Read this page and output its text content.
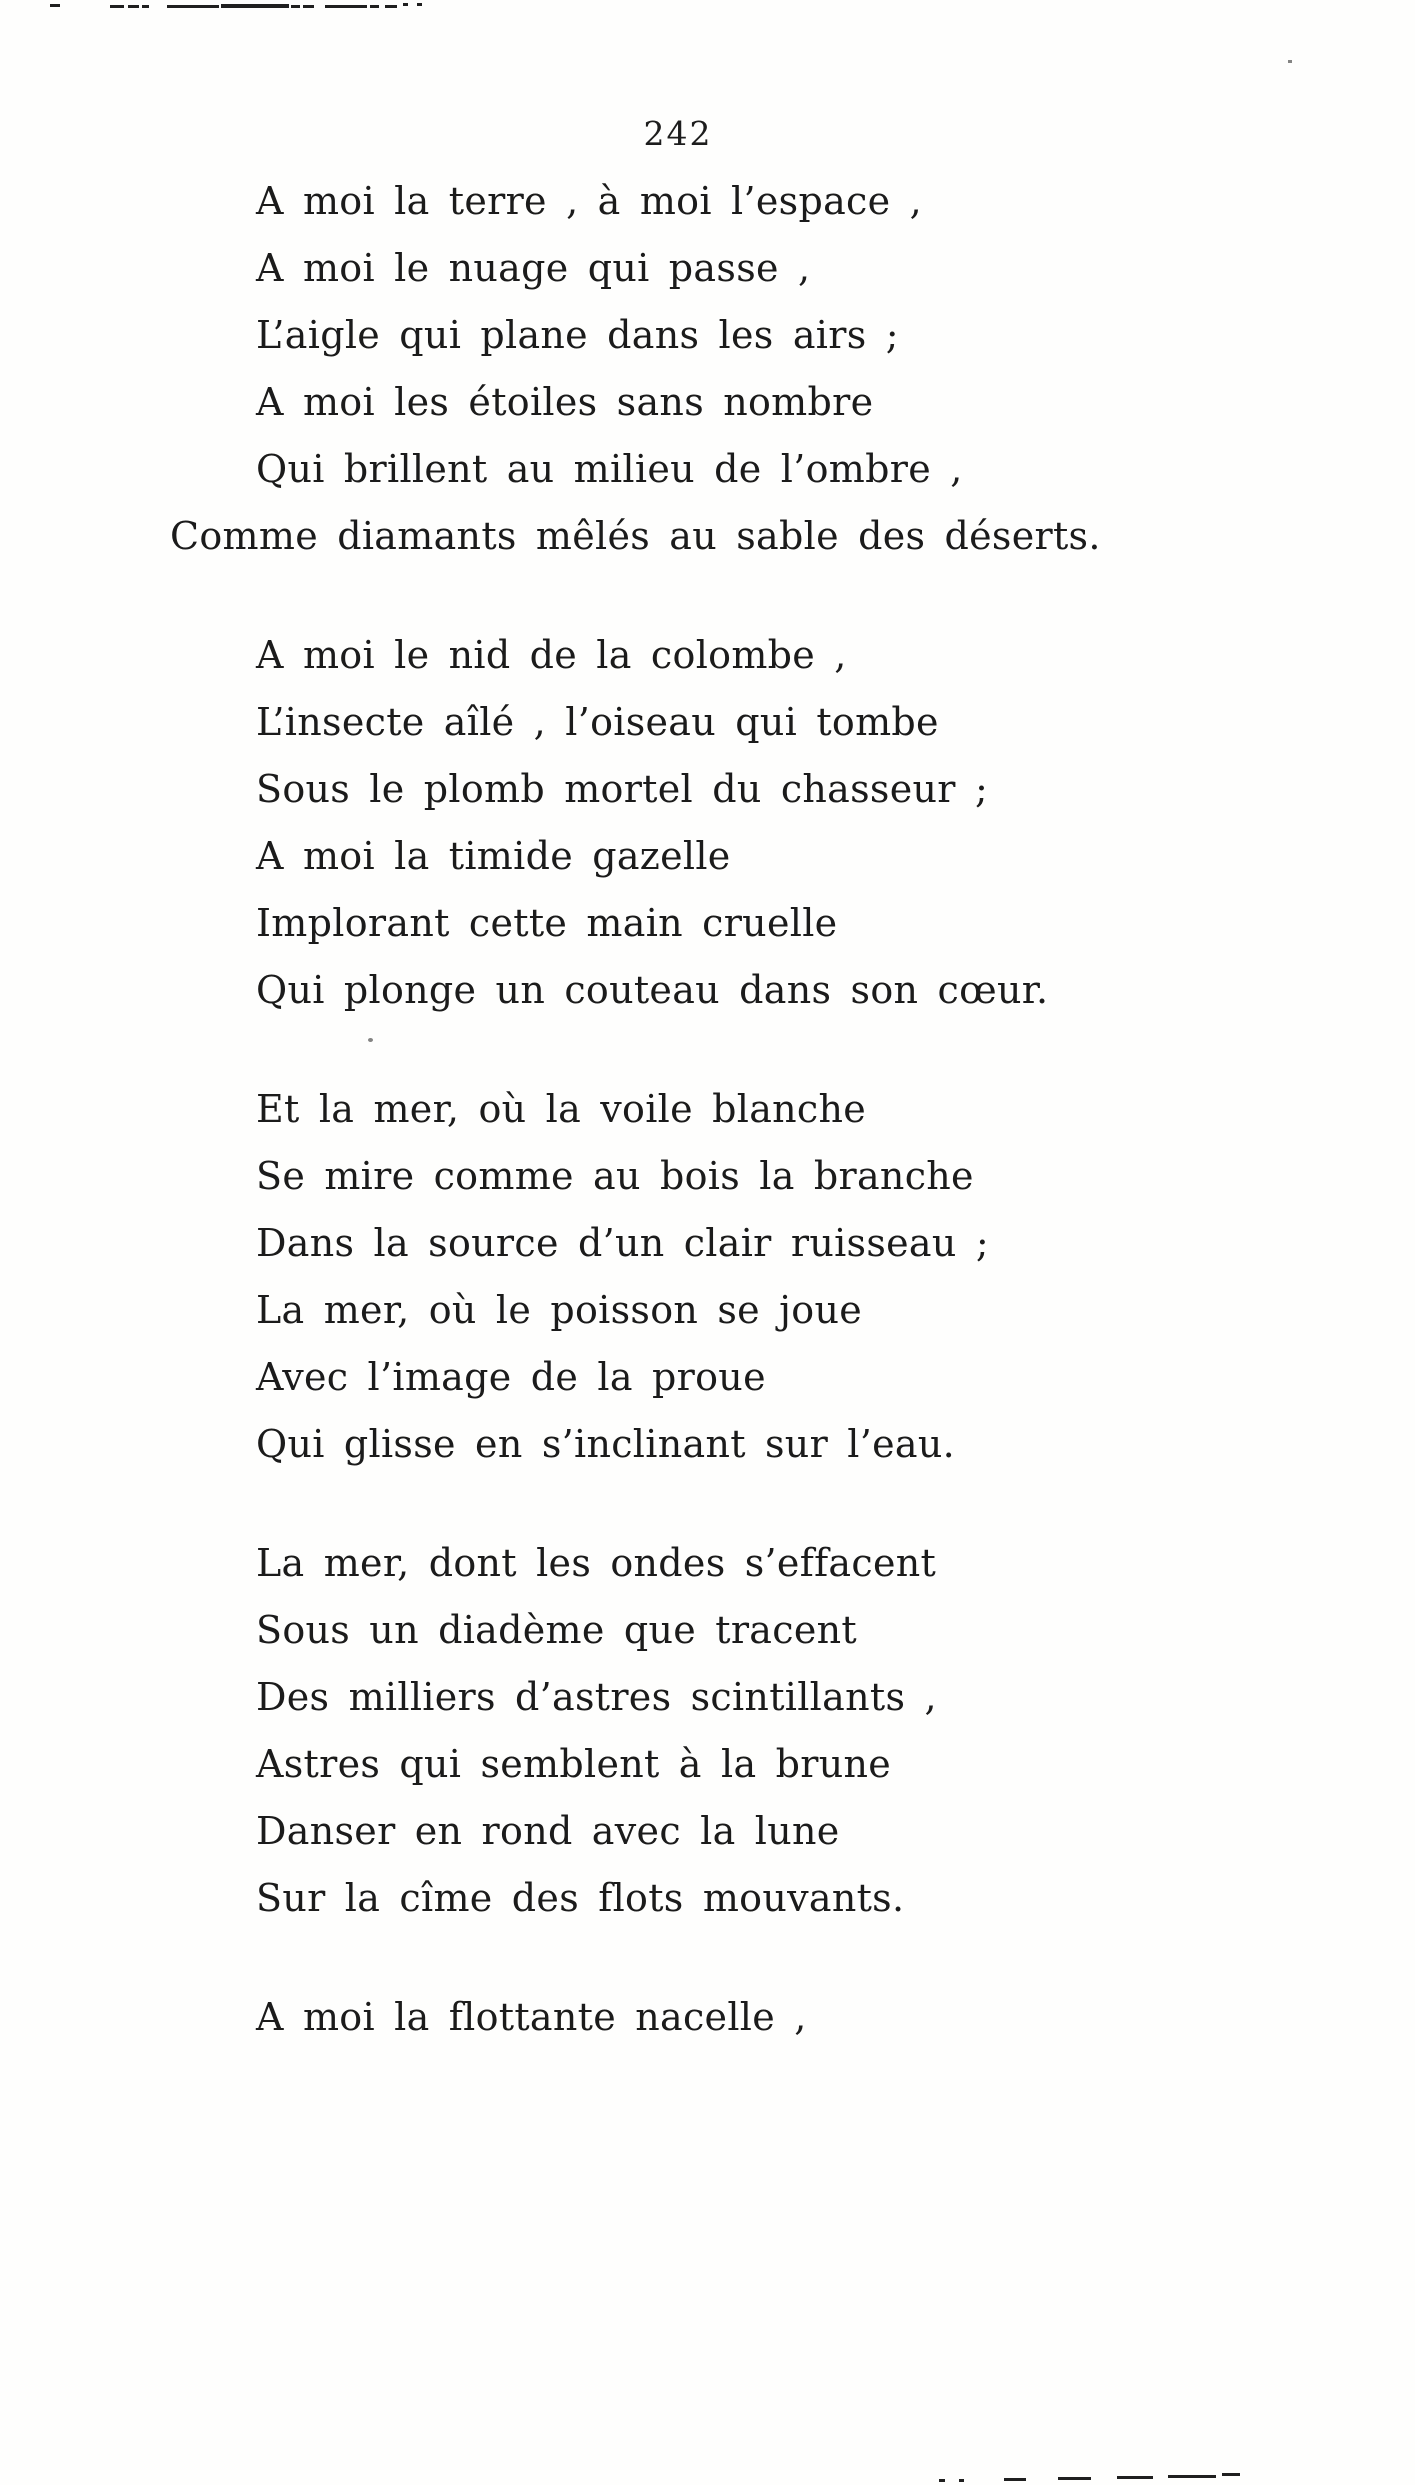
242
A moi la terre , à moi l’espace ,
A moi le nuage qui passe ,
L’aigle qui plane dans les airs ;
A moi les étoiles sans nombre
Qui brillent au milieu de l’ombre ,
Comme diamants mêlés au sable des déserts.
A moi le nid de la colombe ,
L’insecte aîlé , l’oiseau qui tombe
Sous le plomb mortel du chasseur ;
A moi la timide gazelle
Implorant cette main cruelle
Qui plonge un couteau dans son cœur.
Et la mer, où la voile blanche
Se mire comme au bois la branche
Dans la source d’un clair ruisseau ;
La mer, où le poisson se joue
Avec l’image de la proue
Qui glisse en s’inclinant sur l’eau.
La mer, dont les ondes s’effacent
Sous un diadème que tracent
Des milliers d’astres scintillants ,
Astres qui semblent à la brune
Danser en rond avec la lune
Sur la cîme des flots mouvants.
A moi la flottante nacelle ,
